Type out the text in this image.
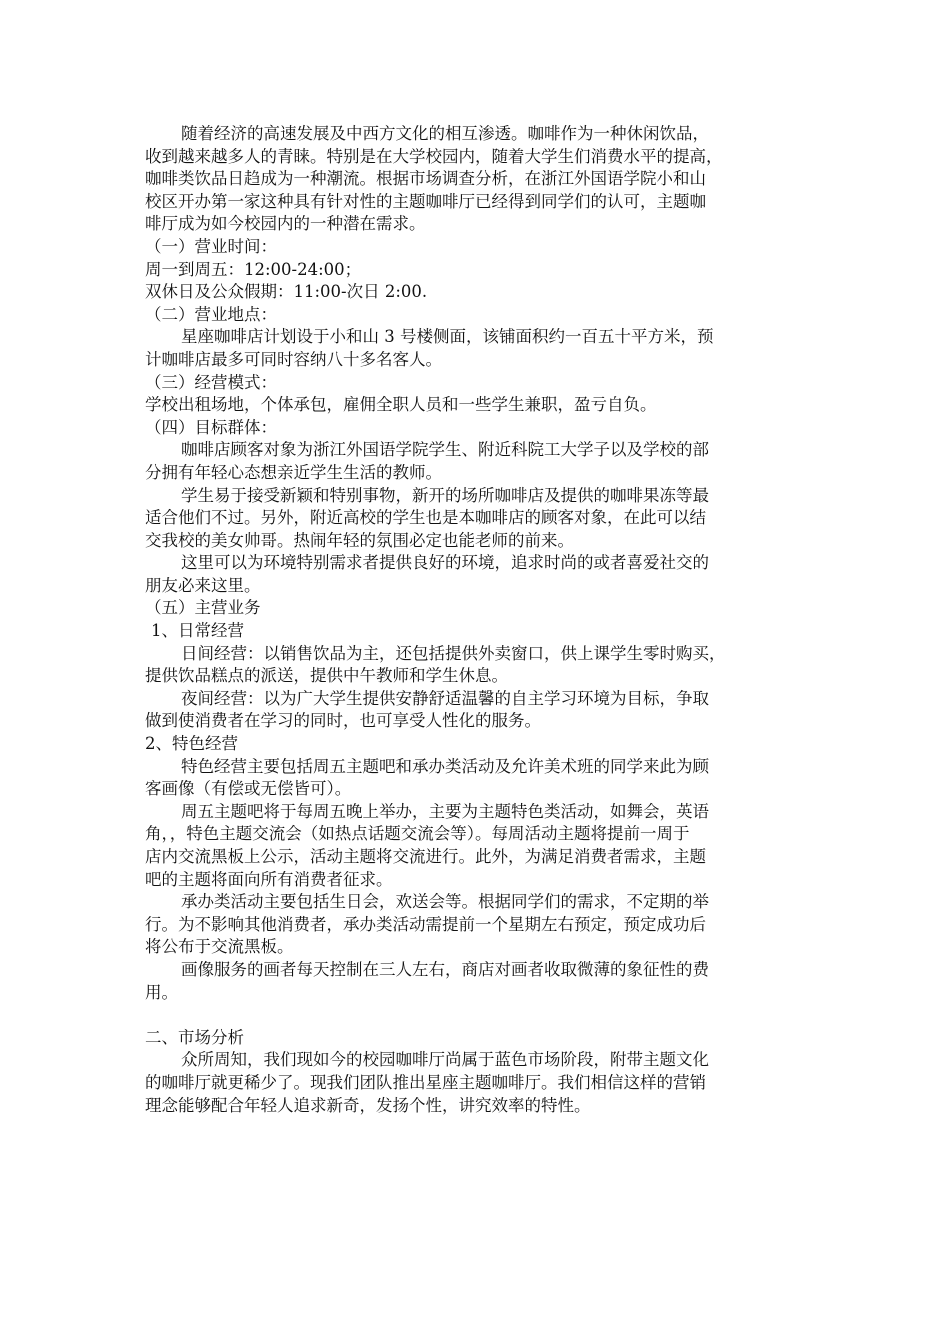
随着经济的高速发展及中西方文化的相互渗透。咖啡作为一种休闲饮品，
收到越来越多人的青睐。特别是在大学校园内，随着大学生们消费水平的提高，
咖啡类饮品日趋成为一种潮流。根据市场调查分析，在浙江外国语学院小和山
校区开办第一家这种具有针对性的主题咖啡厅已经得到同学们的认可，主题咖
啡厅成为如今校园内的一种潜在需求。
（一）营业时间：
周一到周五：12:00-24:00；
双休日及公众假期：11:00-次日 2:00.
（二）营业地点：
星座咖啡店计划设于小和山 3 号楼侧面，该铺面积约一百五十平方米，预
计咖啡店最多可同时容纳八十多名客人。
（三）经营模式：
学校出租场地，个体承包，雇佣全职人员和一些学生兼职，盈亏自负。
（四）目标群体：
咖啡店顾客对象为浙江外国语学院学生、附近科院工大学子以及学校的部
分拥有年轻心态想亲近学生生活的教师。
学生易于接受新颖和特别事物，新开的场所咖啡店及提供的咖啡果冻等最
适合他们不过。另外，附近高校的学生也是本咖啡店的顾客对象，在此可以结
交我校的美女帅哥。热闹年轻的氛围必定也能老师的前来。
这里可以为环境特别需求者提供良好的环境，追求时尚的或者喜爱社交的
朋友必来这里。
（五）主营业务
1、日常经营
日间经营：以销售饮品为主，还包括提供外卖窗口，供上课学生零时购买，
提供饮品糕点的派送，提供中午教师和学生休息。
夜间经营：以为广大学生提供安静舒适温馨的自主学习环境为目标，争取
做到使消费者在学习的同时，也可享受人性化的服务。
2、特色经营
特色经营主要包括周五主题吧和承办类活动及允许美术班的同学来此为顾
客画像（有偿或无偿皆可）。
周五主题吧将于每周五晚上举办，主要为主题特色类活动，如舞会，英语
角，，特色主题交流会（如热点话题交流会等）。每周活动主题将提前一周于
店内交流黑板上公示，活动主题将交流进行。此外，为满足消费者需求，主题
吧的主题将面向所有消费者征求。
承办类活动主要包括生日会，欢送会等。根据同学们的需求，不定期的举
行。为不影响其他消费者，承办类活动需提前一个星期左右预定，预定成功后
将公布于交流黑板。
画像服务的画者每天控制在三人左右，商店对画者收取微薄的象征性的费
用。
二、市场分析
众所周知，我们现如今的校园咖啡厅尚属于蓝色市场阶段，附带主题文化
的咖啡厅就更稀少了。现我们团队推出星座主题咖啡厅。我们相信这样的营销
理念能够配合年轻人追求新奇，发扬个性，讲究效率的特性。
